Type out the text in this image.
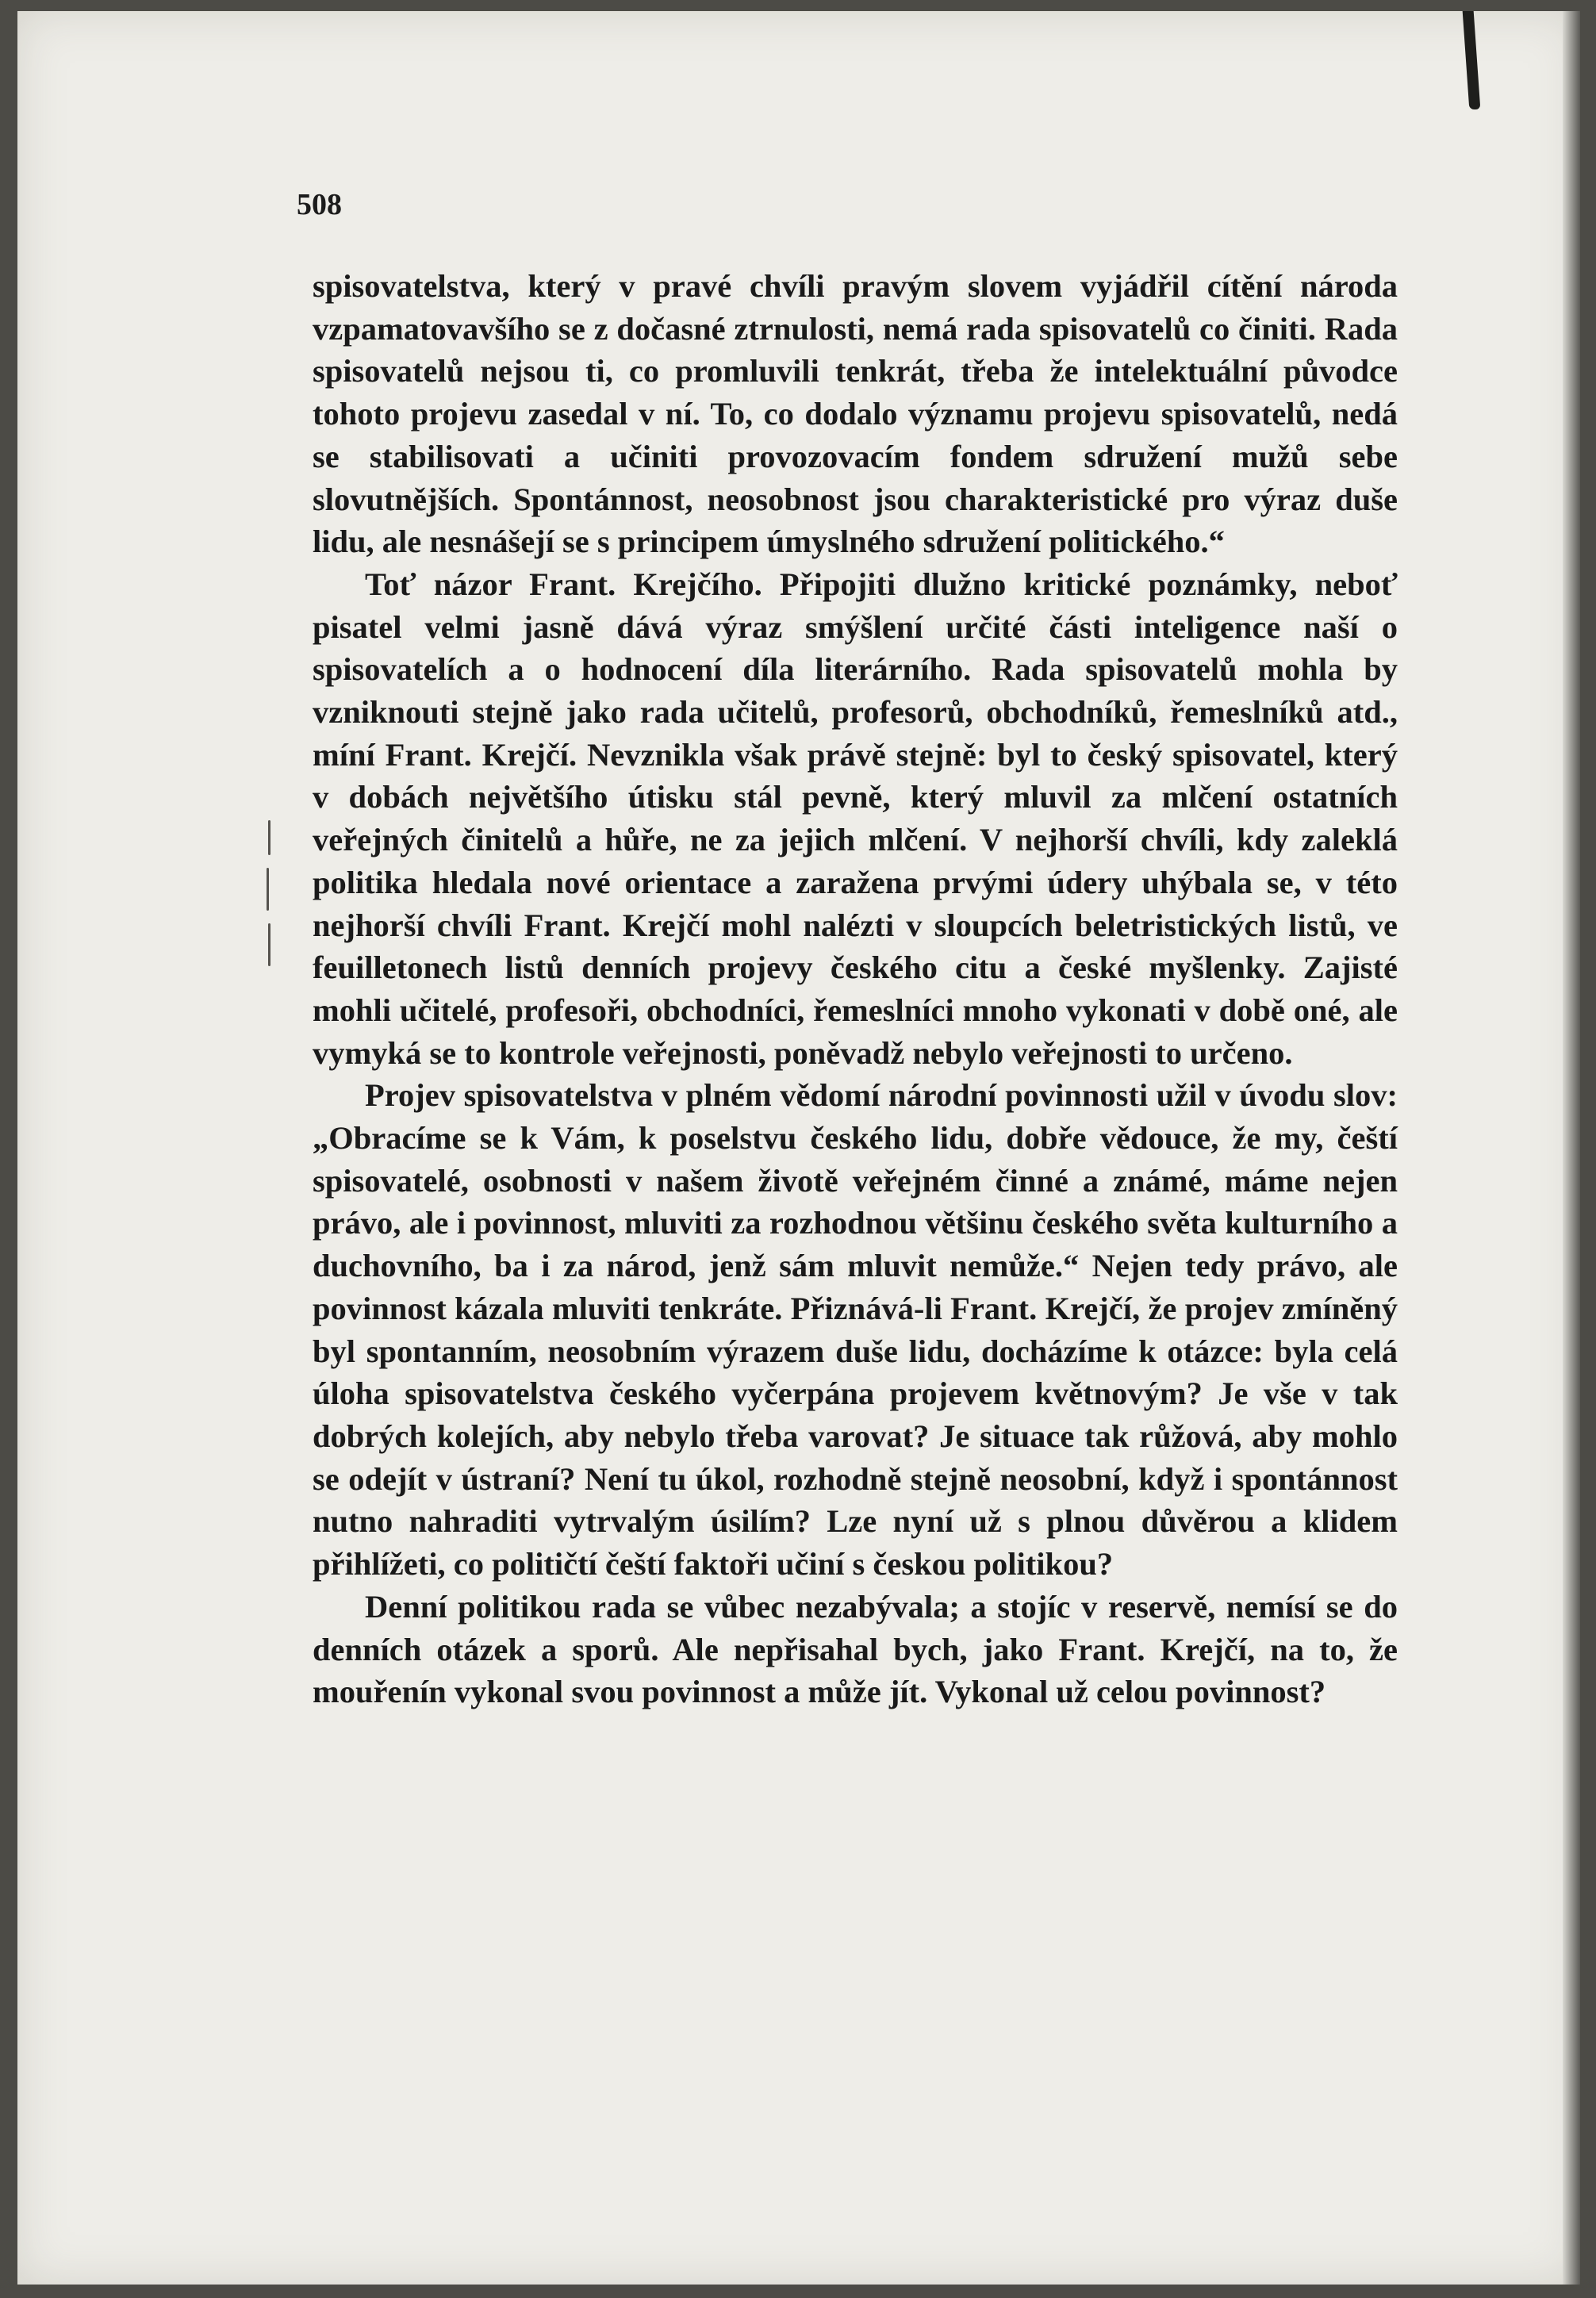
508

spisovatelstva, který v pravé chvíli pravým slovem vyjádřil cítění národa vzpamatovavšího se z dočasné ztrnulosti, nemá rada spisovatelů co činiti. Rada spisovatelů nejsou ti, co promluvili tenkrát, třeba že intelektuální původce tohoto projevu zasedal v ní. To, co dodalo významu projevu spisovatelů, nedá se stabilisovati a učiniti provozovacím fondem sdružení mužů sebe slovutnějších. Spontánnost, neosobnost jsou charakteristické pro výraz duše lidu, ale nesnášejí se s principem úmyslného sdružení politického.“

Toť názor Frant. Krejčího. Připojiti dlužno kritické poznámky, neboť pisatel velmi jasně dává výraz smýšlení určité části inteligence naší o spisovatelích a o hodnocení díla literárního. Rada spisovatelů mohla by vzniknouti stejně jako rada učitelů, profesorů, obchodníků, řemeslníků atd., míní Frant. Krejčí. Nevznikla však právě stejně: byl to český spisovatel, který v dobách největšího útisku stál pevně, který mluvil za mlčení ostatních veřejných činitelů a hůře, ne za jejich mlčení. V nejhorší chvíli, kdy zaleklá politika hledala nové orientace a zaražena prvými údery uhýbala se, v této nejhorší chvíli Frant. Krejčí mohl nalézti v sloupcích beletristických listů, ve feuilletonech listů denních projevy českého citu a české myšlenky. Zajisté mohli učitelé, profesoři, obchodníci, řemeslníci mnoho vykonati v době oné, ale vymyká se to kontrole veřejnosti, poněvadž nebylo veřejnosti to určeno.

Projev spisovatelstva v plném vědomí národní povinnosti užil v úvodu slov: „Obracíme se k Vám, k poselstvu českého lidu, dobře vědouce, že my, čeští spisovatelé, osobnosti v našem životě veřejném činné a známé, máme nejen právo, ale i povinnost, mluviti za rozhodnou většinu českého světa kulturního a duchovního, ba i za národ, jenž sám mluvit nemůže.“ Nejen tedy právo, ale povinnost kázala mluviti tenkráte. Přiznává-li Frant. Krejčí, že projev zmíněný byl spontanním, neosobním výrazem duše lidu, docházíme k otázce: byla celá úloha spisovatelstva českého vyčerpána projevem květnovým? Je vše v tak dobrých kolejích, aby nebylo třeba varovat? Je situace tak růžová, aby mohlo se odejít v ústraní? Není tu úkol, rozhodně stejně neosobní, když i spontánnost nutno nahraditi vytrvalým úsilím? Lze nyní už s plnou důvěrou a klidem přihlížeti, co političtí čeští faktoři učiní s českou politikou?

Denní politikou rada se vůbec nezabývala; a stojíc v reservě, nemísí se do denních otázek a sporů. Ale nepřisahal bych, jako Frant. Krejčí, na to, že mouřenín vykonal svou povinnost a může jít. Vykonal už celou povinnost?
